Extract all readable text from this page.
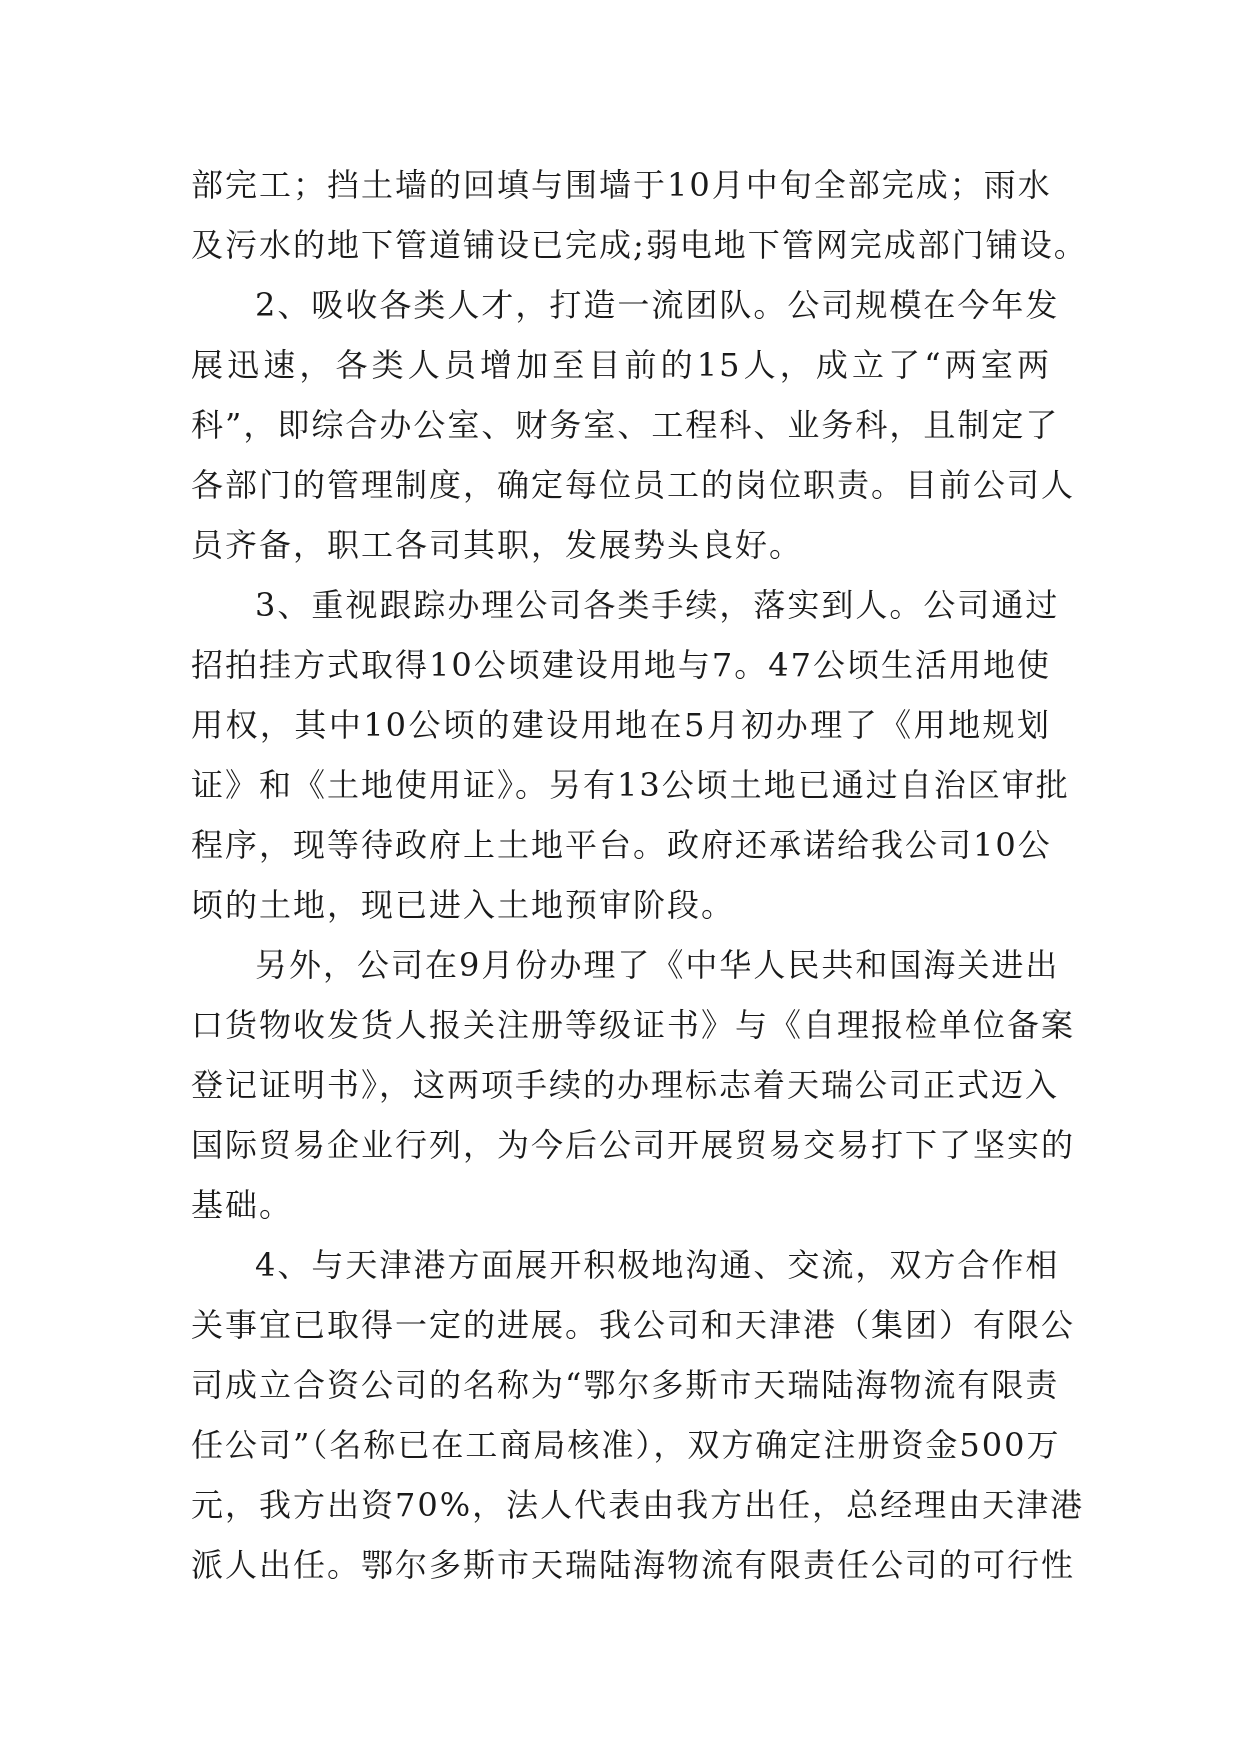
部完工；挡土墙的回填与围墙于10月中旬全部完成；雨水
及污水的地下管道铺设已完成;弱电地下管网完成部门铺设。
2、吸收各类人才，打造一流团队。公司规模在今年发
展迅速，各类人员增加至目前的15人，成立了“两室两
科”，即综合办公室、财务室、工程科、业务科，且制定了
各部门的管理制度，确定每位员工的岗位职责。目前公司人
员齐备，职工各司其职，发展势头良好。
3、重视跟踪办理公司各类手续，落实到人。公司通过
招拍挂方式取得10公顷建设用地与7。47公顷生活用地使
用权，其中10公顷的建设用地在5月初办理了《用地规划
证》和《土地使用证》。另有13公顷土地已通过自治区审批
程序，现等待政府上土地平台。政府还承诺给我公司10公
顷的土地，现已进入土地预审阶段。
另外，公司在9月份办理了《中华人民共和国海关进出
口货物收发货人报关注册等级证书》与《自理报检单位备案
登记证明书》，这两项手续的办理标志着天瑞公司正式迈入
国际贸易企业行列，为今后公司开展贸易交易打下了坚实的
基础。
4、与天津港方面展开积极地沟通、交流，双方合作相
关事宜已取得一定的进展。我公司和天津港（集团）有限公
司成立合资公司的名称为“鄂尔多斯市天瑞陆海物流有限责
任公司”（名称已在工商局核准），双方确定注册资金500万
元，我方出资70%，法人代表由我方出任，总经理由天津港
派人出任。鄂尔多斯市天瑞陆海物流有限责任公司的可行性
